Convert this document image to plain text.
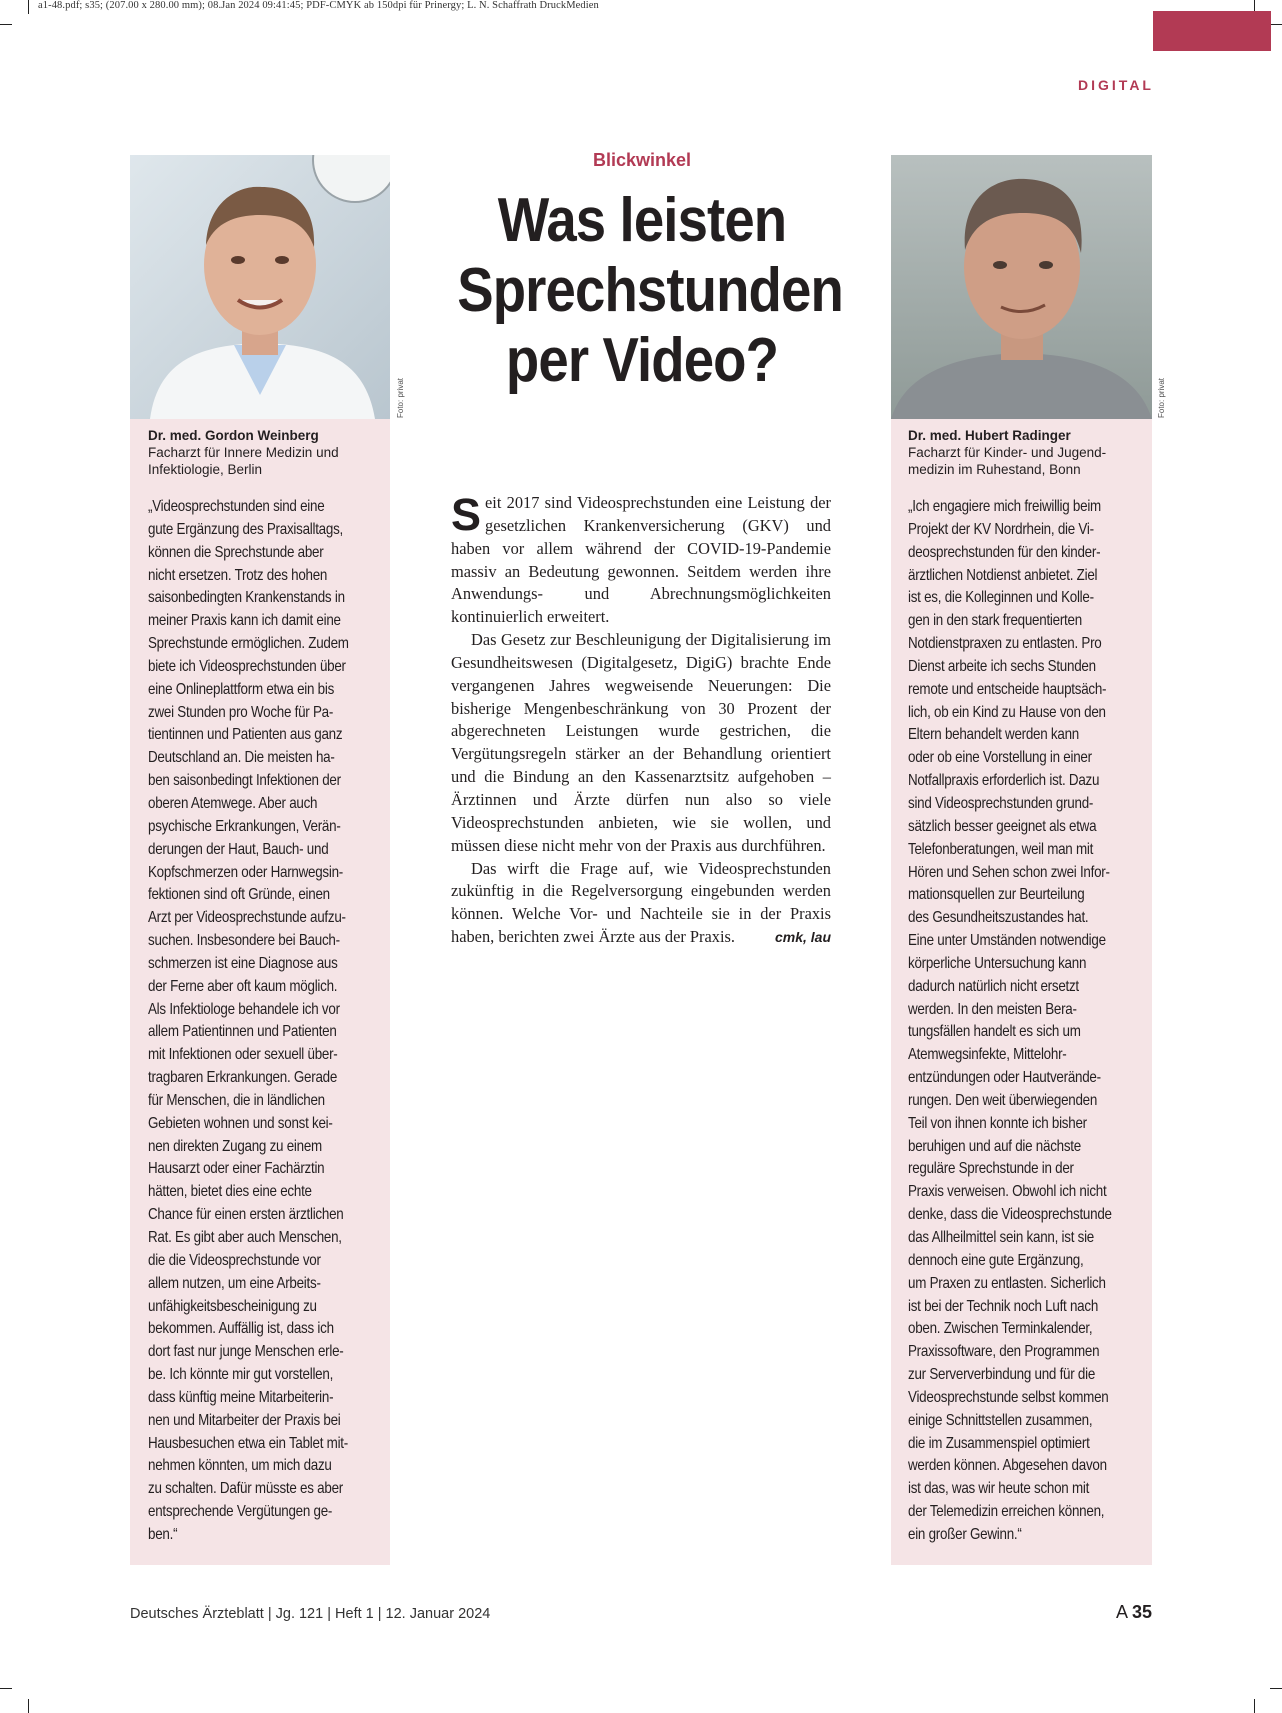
a1-48.pdf; s35; (207.00 x 280.00 mm); 08.Jan 2024 09:41:45; PDF-CMYK ab 150dpi für Prinergy; L. N. Schaffrath DruckMedien
DIGITAL
Foto: privat
Dr. med. Gordon Weinberg
Facharzt für Innere Medizin und
Infektiologie, Berlin
„Videosprechstunden sind eine
gute Ergänzung des Praxisalltags,
können die Sprechstunde aber
nicht ersetzen. Trotz des hohen
saisonbedingten Krankenstands in
meiner Praxis kann ich damit eine
Sprechstunde ermöglichen. Zudem
biete ich Videosprechstunden über
eine Onlineplattform etwa ein bis
zwei Stunden pro Woche für Pa-
tientinnen und Patienten aus ganz
Deutschland an. Die meisten ha-
ben saisonbedingt Infektionen der
oberen Atemwege. Aber auch
psychische Erkrankungen, Verän-
derungen der Haut, Bauch- und
Kopfschmerzen oder Harnwegsin-
fektionen sind oft Gründe, einen
Arzt per Videosprechstunde aufzu-
suchen. Insbesondere bei Bauch-
schmerzen ist eine Diagnose aus
der Ferne aber oft kaum möglich.
Als Infektiologe behandele ich vor
allem Patientinnen und Patienten
mit Infektionen oder sexuell über-
tragbaren Erkrankungen. Gerade
für Menschen, die in ländlichen
Gebieten wohnen und sonst kei-
nen direkten Zugang zu einem
Hausarzt oder einer Fachärztin
hätten, bietet dies eine echte
Chance für einen ersten ärztlichen
Rat. Es gibt aber auch Menschen,
die die Videosprechstunde vor
allem nutzen, um eine Arbeits-
unfähigkeitsbescheinigung zu
bekommen. Auffällig ist, dass ich
dort fast nur junge Menschen erle-
be. Ich könnte mir gut vorstellen,
dass künftig meine Mitarbeiterin-
nen und Mitarbeiter der Praxis bei
Hausbesuchen etwa ein Tablet mit-
nehmen könnten, um mich dazu
zu schalten. Dafür müsste es aber
entsprechende Vergütungen ge-
ben.“
Blickwinkel
Was leisten
Sprechstunden
per Video?

Seit 2017 sind Videosprechstunden eine Leistung der gesetzlichen Krankenversicherung (GKV) und haben vor allem während der COVID-19-Pandemie massiv an Bedeutung gewonnen. Seitdem werden ihre Anwendungs- und Abrechnungsmöglichkeiten kontinuierlich erweitert.

Das Gesetz zur Beschleunigung der Digitalisierung im Gesundheitswesen (Digitalgesetz, DigiG) brachte Ende vergangenen Jahres wegweisende Neuerungen: Die bisherige Mengenbeschränkung von 30 Prozent der abgerechneten Leistungen wurde gestrichen, die Vergütungsregeln stärker an der Behandlung orientiert und die Bindung an den Kassenarztsitz aufgehoben – Ärztinnen und Ärzte dürfen nun also so viele Videosprechstunden anbieten, wie sie wollen, und müssen diese nicht mehr von der Praxis aus durchführen.

Das wirft die Frage auf, wie Videosprechstunden zukünftig in die Regelversorgung eingebunden werden können. Welche Vor- und Nachteile sie in der Praxis haben, berichten zwei Ärzte aus der Praxis.	cmk, lau

Foto: privat
Dr. med. Hubert Radinger
Facharzt für Kinder- und Jugend-
medizin im Ruhestand, Bonn
„Ich engagiere mich freiwillig beim
Projekt der KV Nordrhein, die Vi-
deosprechstunden für den kinder-
ärztlichen Notdienst anbietet. Ziel
ist es, die Kolleginnen und Kolle-
gen in den stark frequentierten
Notdienstpraxen zu entlasten. Pro
Dienst arbeite ich sechs Stunden
remote und entscheide hauptsäch-
lich, ob ein Kind zu Hause von den
Eltern behandelt werden kann
oder ob eine Vorstellung in einer
Notfallpraxis erforderlich ist. Dazu
sind Videosprechstunden grund-
sätzlich besser geeignet als etwa
Telefonberatungen, weil man mit
Hören und Sehen schon zwei Infor-
mationsquellen zur Beurteilung
des Gesundheitszustandes hat.
Eine unter Umständen notwendige
körperliche Untersuchung kann
dadurch natürlich nicht ersetzt
werden. In den meisten Bera-
tungsfällen handelt es sich um
Atemwegsinfekte, Mittelohr-
entzündungen oder Hautverände-
rungen. Den weit überwiegenden
Teil von ihnen konnte ich bisher
beruhigen und auf die nächste
reguläre Sprechstunde in der
Praxis verweisen. Obwohl ich nicht
denke, dass die Videosprechstunde
das Allheilmittel sein kann, ist sie
dennoch eine gute Ergänzung,
um Praxen zu entlasten. Sicherlich
ist bei der Technik noch Luft nach
oben. Zwischen Terminkalender,
Praxissoftware, den Programmen
zur Serververbindung und für die
Videosprechstunde selbst kommen
einige Schnittstellen zusammen,
die im Zusammenspiel optimiert
werden können. Abgesehen davon
ist das, was wir heute schon mit
der Telemedizin erreichen können,
ein großer Gewinn.“
Deutsches Ärzteblatt | Jg. 121 | Heft 1 | 12. Januar 2024	A 35
